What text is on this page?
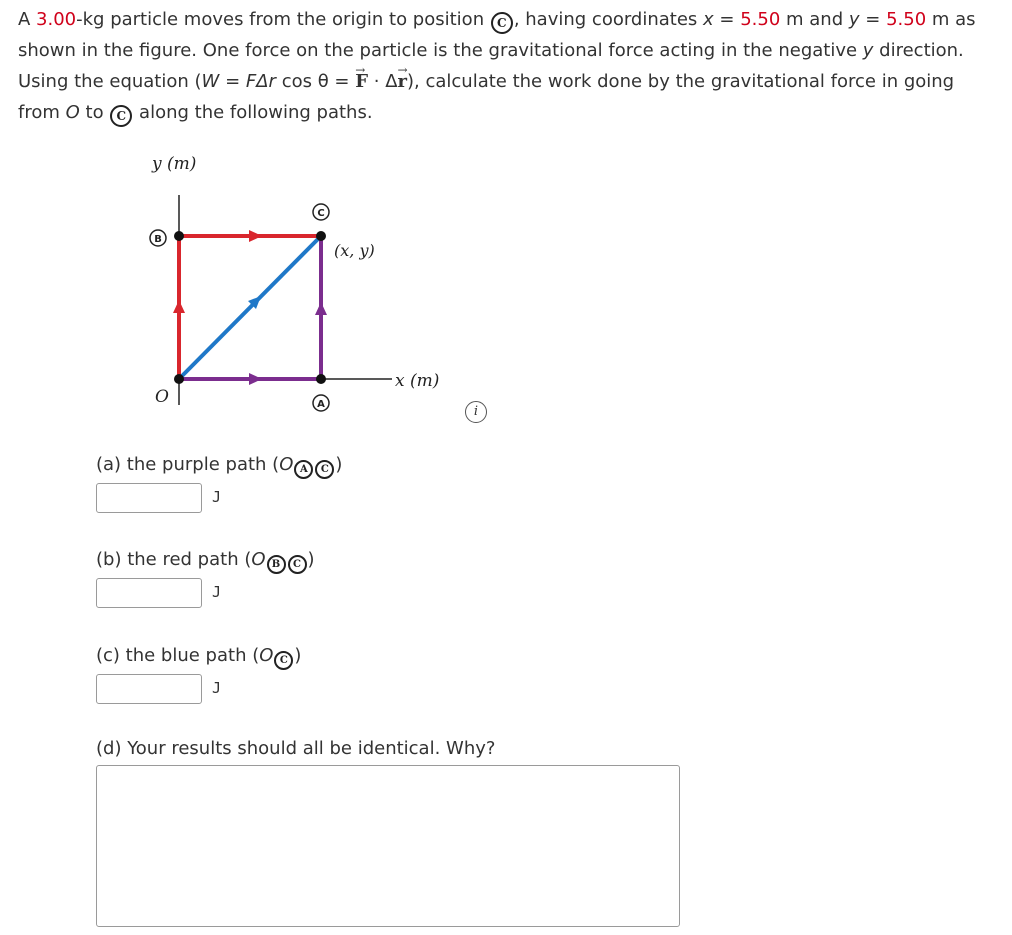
A 3.00-kg particle moves from the origin to position C , having coordinates x = 5.50 m and y = 5.50 m as shown in the figure. One force on the particle is the gravitational force acting in the negative y direction. Using the equation (W = FΔr cos θ = → F · Δ→ r), calculate the work done by the gravitational force in going from O to C along the following paths.
y (m)
x (m)
O
(x, y)
B
C
A	i
(a) the purple path (O A C )
J
(b) the red path (O B C )
J
(c) the blue path (O C )
J
(d) Your results should all be identical. Why?
